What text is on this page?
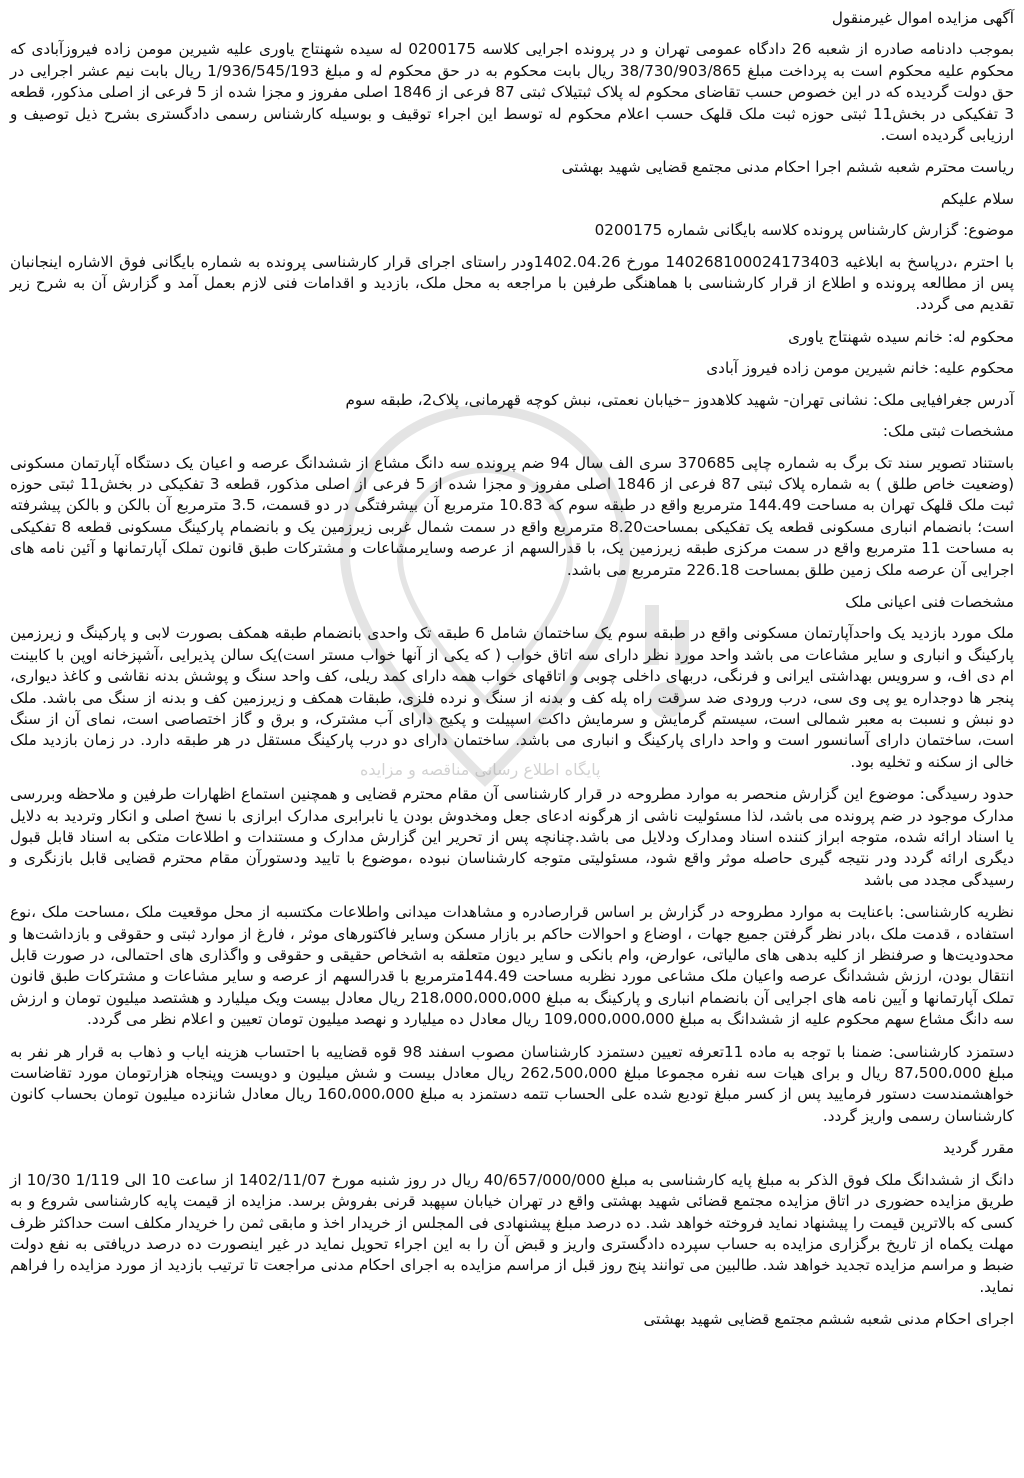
پایگاه اطلاع رسانی مناقصه و مزایده
آگهی مزایده اموال غیرمنقول

بموجب دادنامه صادره از شعبه 26 دادگاه عمومی تهران و در پرونده اجرایی کلاسه 0200175 له سیده شهنتاج یاوری علیه شیرین مومن زاده فیروزآبادی که محکوم علیه محکوم است به پرداخت مبلغ 38/730/903/865 ریال بابت محکوم به در حق محکوم له و مبلغ 1/936/545/193 ریال بابت نیم عشر اجرایی در حق دولت گردیده که در این خصوص حسب تقاضای محکوم له پلاک ثبتیلاک ثبتی 87 فرعی از 1846 اصلی مفروز و مجزا شده از 5 فرعی از اصلی مذکور، قطعه 3 تفکیکی در بخش11 ثبتی حوزه ثبت ملک قلهک حسب اعلام محکوم له توسط این اجراء توقیف و بوسیله کارشناس رسمی دادگستری بشرح ذیل توصیف و ارزیابی گردیده است.

ریاست محترم شعبه ششم اجرا احکام مدنی مجتمع قضایی شهید بهشتی
سلام علیکم
موضوع: گزارش کارشناس پرونده کلاسه بایگانی شماره 0200175

با احترم ،درپاسخ به ابلاغیه 140268100024173403 مورخ 1402.04.26ودر راستای اجرای قرار کارشناسی پرونده به شماره بایگانی فوق الاشاره اینجانبان پس از مطالعه پرونده و اطلاع از قرار کارشناسی با هماهنگی طرفین با مراجعه به محل ملک، بازدید و اقدامات فنی لازم بعمل آمد و گزارش آن به شرح زیر تقدیم می گردد.

محکوم له: خانم سیده شهنتاج یاوری
محکوم علیه: خانم شیرین مومن زاده فیروز آبادی
آدرس جغرافیایی ملک: نشانی تهران- شهید کلاهدوز –خیابان نعمتی، نبش کوچه قهرمانی، پلاک2، طبقه سوم
مشخصات ثبتی ملک:

باستناد تصویر سند تک برگ به شماره چاپی 370685 سری الف سال 94 ضم پرونده سه دانگ مشاع از ششدانگ عرصه و اعیان یک دستگاه آپارتمان مسکونی (وضعیت خاص طلق ) به شماره پلاک ثبتی 87 فرعی از 1846 اصلی مفروز و مجزا شده از 5 فرعی از اصلی مذکور، قطعه 3 تفکیکی در بخش11 ثبتی حوزه ثبت ملک قلهک تهران به مساحت 144.49 مترمربع واقع در طبقه سوم که 10.83 مترمربع آن بیشرفتگی در دو قسمت، 3.5 مترمربع آن بالکن و بالکن پیشرفته است؛ بانضمام انباری مسکونی قطعه یک تفکیکی بمساحت8.20 مترمربع واقع در سمت شمال غربی زیرزمین یک و بانضمام پارکینگ مسکونی قطعه 8 تفکیکی به مساحت 11 مترمربع واقع در سمت مرکزی طبقه زیرزمین یک، با قدرالسهم از عرصه وسایرمشاعات و مشترکات طبق قانون تملک آپارتمانها و آئین نامه های اجرایی آن عرصه ملک زمین طلق بمساحت 226.18 مترمربع می باشد.

مشخصات فنی اعیانی ملک

ملک مورد بازدید یک واحدآپارتمان مسکونی واقع در طبقه سوم یک ساختمان شامل 6 طبقه تک واحدی بانضمام طبقه همکف بصورت لابی و پارکینگ و زیرزمین پارکینگ و انباری و سایر مشاعات می باشد واحد مورد نظر دارای سه اتاق خواب ( که یکی از آنها خواب مستر است)یک سالن پذیرایی ،آشپزخانه اوپن با کابینت ام دی اف، و سرویس بهداشتی ایرانی و فرنگی، دربهای داخلی چوبی و اتاقهای خواب همه دارای کمد ریلی، کف واحد سنگ و پوشش بدنه نقاشی و کاغذ دیواری، پنجر ها دوجداره یو پی وی سی، درب ورودی ضد سرقت راه پله کف و بدنه از سنگ و نرده فلزی، طبقات همکف و زیرزمین کف و بدنه از سنگ می باشد. ملک دو نبش و نسبت به معبر شمالی است، سیستم گرمایش و سرمایش داکت اسپیلت و پکیج دارای آب مشترک، و برق و گاز اختصاصی است، نمای آن از سنگ است، ساختمان دارای آسانسور است و واحد دارای پارکینگ و انباری می باشد. ساختمان دارای دو درب پارکینگ مستقل در هر طبقه دارد. در زمان بازدید ملک خالی از سکنه و تخلیه بود.

حدود رسیدگی: موضوع این گزارش منحصر به موارد مطروحه در قرار کارشناسی آن مقام محترم قضایی و همچنین استماع اظهارات طرفین و ملاحظه وبررسی مدارک موجود در ضم پرونده می باشد، لذا مسئولیت ناشی از هرگونه ادعای جعل ومخدوش بودن یا نابرابری مدارک ابرازی با نسخ اصلی و انکار وتردید به دلایل یا اسناد ارائه شده، متوجه ابراز کننده اسناد ومدارک ودلایل می باشد.چنانچه پس از تحریر این گزارش مدارک و مستندات و اطلاعات متکی به اسناد قابل قبول دیگری ارائه گردد ودر نتیجه گیری حاصله موثر واقع شود، مسئولیتی متوجه کارشناسان نبوده ،موضوع با تایید ودستورآن مقام محترم قضایی قابل بازنگری و رسیدگی مجدد می باشد

نظریه کارشناسی: باعنایت به موارد مطروحه در گزارش بر اساس قرارصادره و مشاهدات میدانی واطلاعات مکتسبه از محل موقعیت ملک ،مساحت ملک ،نوع استفاده ، قدمت ملک ،بادر نظر گرفتن جمیع جهات ، اوضاع و احوالات حاکم بر بازار مسکن وسایر فاکتورهای موثر ، فارغ از موارد ثبتی و حقوقی و بازداشت‌ها و محدودیت‌ها و صرفنظر از کلیه بدهی های مالیاتی، عوارض، وام بانکی و سایر دیون متعلقه به اشخاص حقیقی و حقوقی و واگذاری های احتمالی، در صورت قابل انتقال بودن، ارزش ششدانگ عرصه واعیان ملک مشاعی مورد نظربه مساحت 144.49مترمربع با قدرالسهم از عرصه و سایر مشاعات و مشترکات طبق قانون تملک آپارتمانها و آیین نامه های اجرایی آن بانضمام انباری و پارکینگ به مبلغ 218،000،000،000 ریال معادل بیست ویک میلیارد و هشتصد میلیون تومان و ارزش سه دانگ مشاع سهم محکوم علیه از ششدانگ به مبلغ 109،000،000،000 ریال معادل ده میلیارد و نهصد میلیون تومان تعیین و اعلام نظر می گردد.

دستمزد کارشناسی: ضمنا با توجه به ماده 11تعرفه تعیین دستمزد کارشناسان مصوب اسفند 98 قوه قضاییه با احتساب هزینه ایاب و ذهاب به قرار هر نفر به مبلغ 87،500،000 ریال و برای هیات سه نفره مجموعا مبلغ 262،500،000 ریال معادل بیست و شش میلیون و دویست وپنجاه هزارتومان مورد تقاضاست خواهشمندست دستور فرمایید پس از کسر مبلغ تودیع شده علی الحساب تتمه دستمزد به مبلغ 160،000،000 ریال معادل شانزده میلیون تومان بحساب کانون کارشناسان رسمی واریز گردد.

مقرر گردید

دانگ از ششدانگ ملک فوق الذکر به مبلغ پایه کارشناسی به مبلغ 40/657/000/000 ریال در روز شنبه مورخ 1402/11/07 از ساعت 10 الی 1/119 10/30 از طریق مزایده حضوری در اتاق مزایده مجتمع قضائی شهید بهشتی واقع در تهران خیابان سپهبد قرنی بفروش برسد. مزایده از قیمت پایه کارشناسی شروع و به کسی که بالاترین قیمت را پیشنهاد نماید فروخته خواهد شد. ده درصد مبلغ پیشنهادی فی المجلس از خریدار اخذ و مابقی ثمن را خریدار مکلف است حداکثر ظرف مهلت یکماه از تاریخ برگزاری مزایده به حساب سپرده دادگستری واریز و قبض آن را به این اجراء تحویل نماید در غیر اینصورت ده درصد دریافتی به نفع دولت ضبط و مراسم مزایده تجدید خواهد شد. طالبین می توانند پنج روز قبل از مراسم مزایده به اجرای احکام مدنی مراجعت تا ترتیب بازدید از مورد مزایده را فراهم نماید.

اجرای احکام مدنی شعبه ششم مجتمع قضایی شهید بهشتی
